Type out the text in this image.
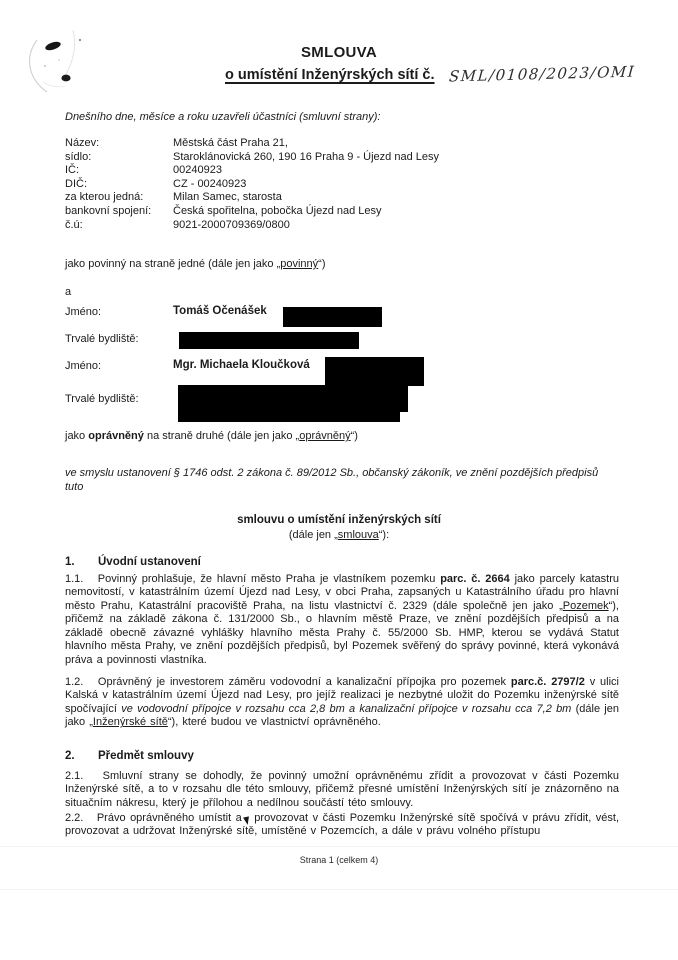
SMLOUVA
o umístění Inženýrských sítí č. SML/0108/2023/OMI
Dnešního dne, měsíce a roku uzavřeli účastníci (smluvní strany):
Název:	Městská část Praha 21,
sídlo:	Staroklánovická 260, 190 16 Praha 9 - Újezd nad Lesy
IČ:	00240923
DIČ:	CZ - 00240923
za kterou jedná:	Milan Samec, starosta
bankovní spojení:	Česká spořitelna, pobočka Újezd nad Lesy
č.ú:	9021-2000709369/0800
jako povinný na straně jedné (dále jen jako „povinný“)
a
Jméno:	Tomáš Očenášek
Trvalé bydliště:
Jméno:	Mgr. Michaela Kloučková
Trvalé bydliště:
jako oprávněný na straně druhé (dále jen jako „oprávněný“)
ve smyslu ustanovení § 1746 odst. 2 zákona č. 89/2012 Sb., občanský zákoník, ve znění pozdějších předpisů tuto
smlouvu o umístění inženýrských sítí
(dále jen „smlouva“):
1. Úvodní ustanovení
1.1.   Povinný prohlašuje, že hlavní město Praha je vlastníkem pozemku parc. č. 2664 jako parcely katastru nemovitostí, v katastrálním území Újezd nad Lesy, v obci Praha, zapsaných u Katastrálního úřadu pro hlavní město Prahu, Katastrální pracoviště Praha, na listu vlastnictví č. 2329 (dále společně jen jako „Pozemek“), přičemž na základě zákona č. 131/2000 Sb., o hlavním městě Praze, ve znění pozdějších předpisů a na základě obecně závazné vyhlášky hlavního města Prahy č. 55/2000 Sb. HMP, kterou se vydává Statut hlavního města Prahy, ve znění pozdějších předpisů, byl Pozemek svěřený do správy povinné, která vykonává práva a povinnosti vlastníka.
1.2.   Oprávněný je investorem záměru vodovodní a kanalizační přípojka pro pozemek parc.č. 2797/2 v ulici Kalská v katastrálním území Újezd nad Lesy, pro jejíž realizaci je nezbytné uložit do Pozemku inženýrské sítě spočívající ve vodovodní přípojce v rozsahu cca 2,8 bm a kanalizační přípojce v rozsahu cca 7,2 bm (dále jen jako „Inženýrské sítě“), které budou ve vlastnictví oprávněného.
2. Předmět smlouvy
2.1.   Smluvní strany se dohodly, že povinný umožní oprávněnému zřídit a provozovat v části Pozemku Inženýrské sítě, a to v rozsahu dle této smlouvy, přičemž přesné umístění Inženýrských sítí je znázorněno na situačním nákresu, který je přílohou a nedílnou součástí této smlouvy.
2.2.   Právo oprávněného umístit a provozovat v části Pozemku Inženýrské sítě spočívá v právu zřídit, vést, provozovat a udržovat Inženýrské sítě, umístěné v Pozemcích, a dále v právu volného přístupu
Strana 1 (celkem 4)
